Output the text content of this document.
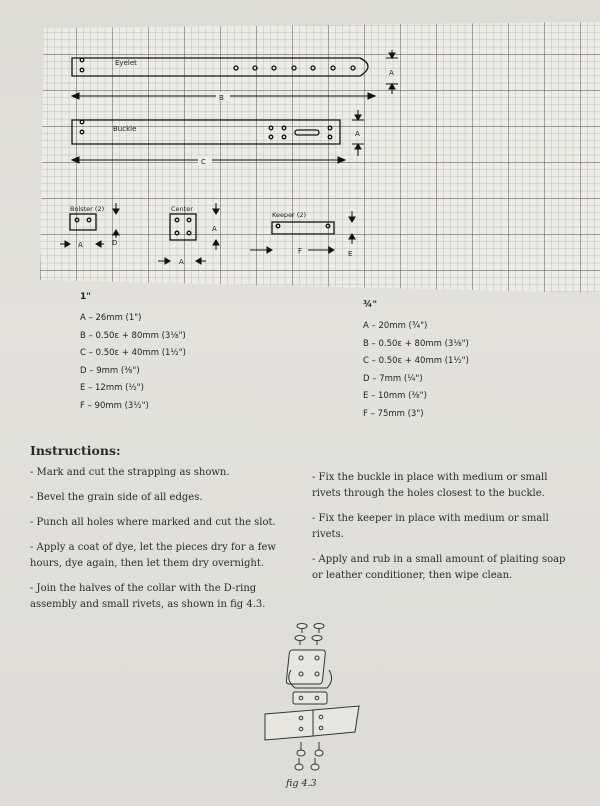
Eyelet
B
A
Buckle
A
C
Bolster (2)
A	D
Center
A
A
Keeper (2)
E
F
1"
A – 26mm (1")
B – 0.50ε + 80mm (3⅛")
C – 0.50ε + 40mm (1½")
D – 9mm (⅜")
E – 12mm (½")
F – 90mm (3½")
¾"
A – 20mm (¾")
B – 0.50ε + 80mm (3⅛")
C – 0.50ε + 40mm (1½")
D – 7mm (¼")
E – 10mm (⅜")
F – 75mm (3")
Instructions:

- Mark and cut the strapping as shown.

- Bevel the grain side of all edges.

- Punch all holes where marked and cut the slot.

- Apply a coat of dye, let the pieces dry for a few hours, dye again, then let them dry overnight.

- Join the halves of the collar with the D-ring assembly and small rivets, as shown in fig 4.3.

- Fix the buckle in place with medium or small rivets through the holes closest to the buckle.

- Fix the keeper in place with medium or small rivets.

- Apply and rub in a small amount of plaiting soap or leather conditioner, then wipe clean.

fig 4.3
